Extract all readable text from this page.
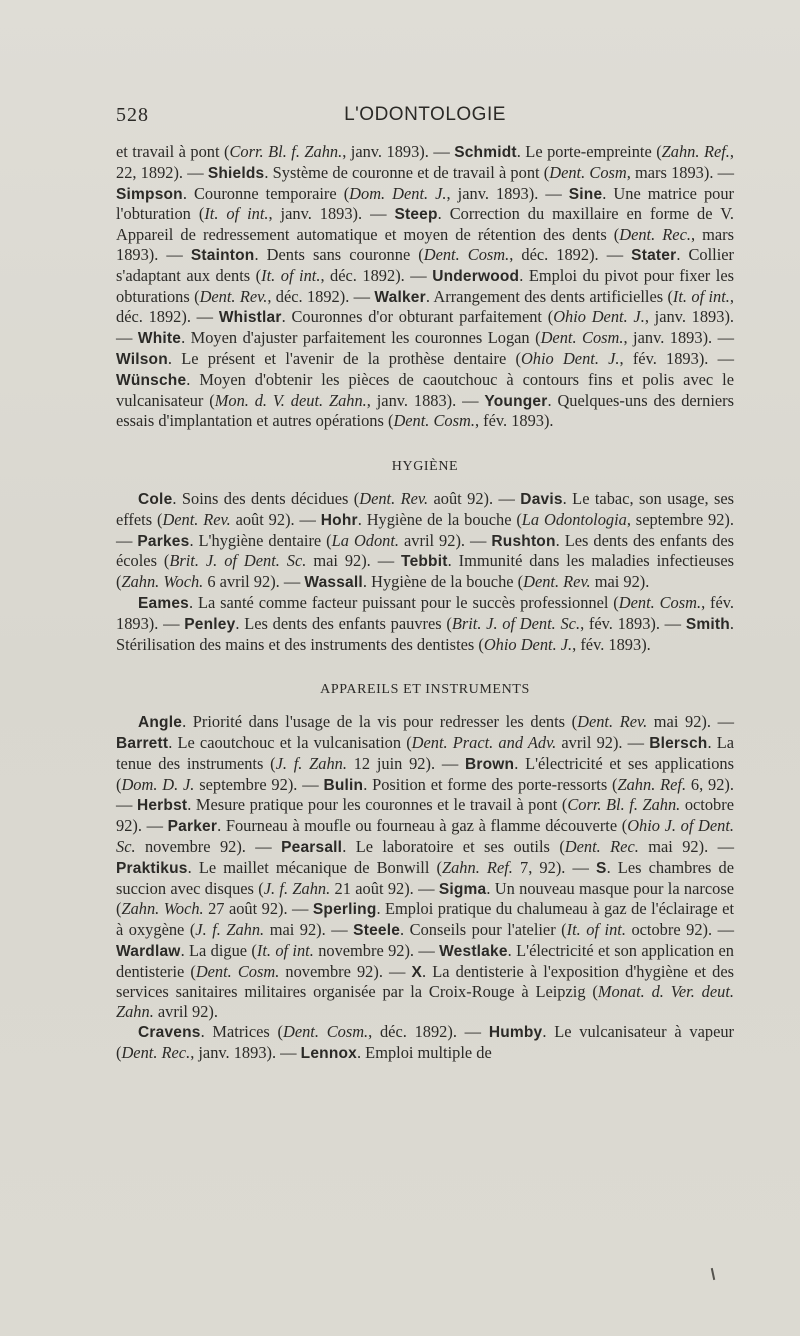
528	L'ODONTOLOGIE

et travail à pont (Corr. Bl. f. Zahn., janv. 1893). — Schmidt. Le porte-empreinte (Zahn. Ref., 22, 1892). — Shields. Système de couronne et de travail à pont (Dent. Cosm, mars 1893). — Simpson. Couronne temporaire (Dom. Dent. J., janv. 1893). — Sine. Une matrice pour l'obturation (It. of int., janv. 1893). — Steep. Correction du maxillaire en forme de V. Appareil de redressement automatique et moyen de rétention des dents (Dent. Rec., mars 1893). — Stainton. Dents sans couronne (Dent. Cosm., déc. 1892). — Stater. Collier s'adaptant aux dents (It. of int., déc. 1892). — Underwood. Emploi du pivot pour fixer les obturations (Dent. Rev., déc. 1892). — Walker. Arrangement des dents artificielles (It. of int., déc. 1892). — Whistlar. Couronnes d'or obturant parfaitement (Ohio Dent. J., janv. 1893). — White. Moyen d'ajuster parfaitement les couronnes Logan (Dent. Cosm., janv. 1893). — Wilson. Le présent et l'avenir de la prothèse dentaire (Ohio Dent. J., fév. 1893). — Wünsche. Moyen d'obtenir les pièces de caoutchouc à contours fins et polis avec le vulcanisateur (Mon. d. V. deut. Zahn., janv. 1883). — Younger. Quelques-uns des derniers essais d'implantation et autres opérations (Dent. Cosm., fév. 1893).

HYGIÈNE

Cole. Soins des dents décidues (Dent. Rev. août 92). — Davis. Le tabac, son usage, ses effets (Dent. Rev. août 92). — Hohr. Hygiène de la bouche (La Odontologia, septembre 92). — Parkes. L'hygiène dentaire (La Odont. avril 92). — Rushton. Les dents des enfants des écoles (Brit. J. of Dent. Sc. mai 92). — Tebbit. Immunité dans les maladies infectieuses (Zahn. Woch. 6 avril 92). — Wassall. Hygiène de la bouche (Dent. Rev. mai 92).

Eames. La santé comme facteur puissant pour le succès professionnel (Dent. Cosm., fév. 1893). — Penley. Les dents des enfants pauvres (Brit. J. of Dent. Sc., fév. 1893). — Smith. Stérilisation des mains et des instruments des dentistes (Ohio Dent. J., fév. 1893).

APPAREILS ET INSTRUMENTS

Angle. Priorité dans l'usage de la vis pour redresser les dents (Dent. Rev. mai 92). — Barrett. Le caoutchouc et la vulcanisation (Dent. Pract. and Adv. avril 92). — Blersch. La tenue des instruments (J. f. Zahn. 12 juin 92). — Brown. L'électricité et ses applications (Dom. D. J. septembre 92). — Bulin. Position et forme des porte-ressorts (Zahn. Ref. 6, 92). — Herbst. Mesure pratique pour les couronnes et le travail à pont (Corr. Bl. f. Zahn. octobre 92). — Parker. Fourneau à moufle ou fourneau à gaz à flamme découverte (Ohio J. of Dent. Sc. novembre 92). — Pearsall. Le laboratoire et ses outils (Dent. Rec. mai 92). — Praktikus. Le maillet mécanique de Bonwill (Zahn. Ref. 7, 92). — S. Les chambres de succion avec disques (J. f. Zahn. 21 août 92). — Sigma. Un nouveau masque pour la narcose (Zahn. Woch. 27 août 92). — Sperling. Emploi pratique du chalumeau à gaz de l'éclairage et à oxygène (J. f. Zahn. mai 92). — Steele. Conseils pour l'atelier (It. of int. octobre 92). — Wardlaw. La digue (It. of int. novembre 92). — Westlake. L'électricité et son application en dentisterie (Dent. Cosm. novembre 92). — X. La dentisterie à l'exposition d'hygiène et des services sanitaires militaires organisée par la Croix-Rouge à Leipzig (Monat. d. Ver. deut. Zahn. avril 92).

Cravens. Matrices (Dent. Cosm., déc. 1892). — Humby. Le vulcanisateur à vapeur (Dent. Rec., janv. 1893). — Lennox. Emploi multiple de
